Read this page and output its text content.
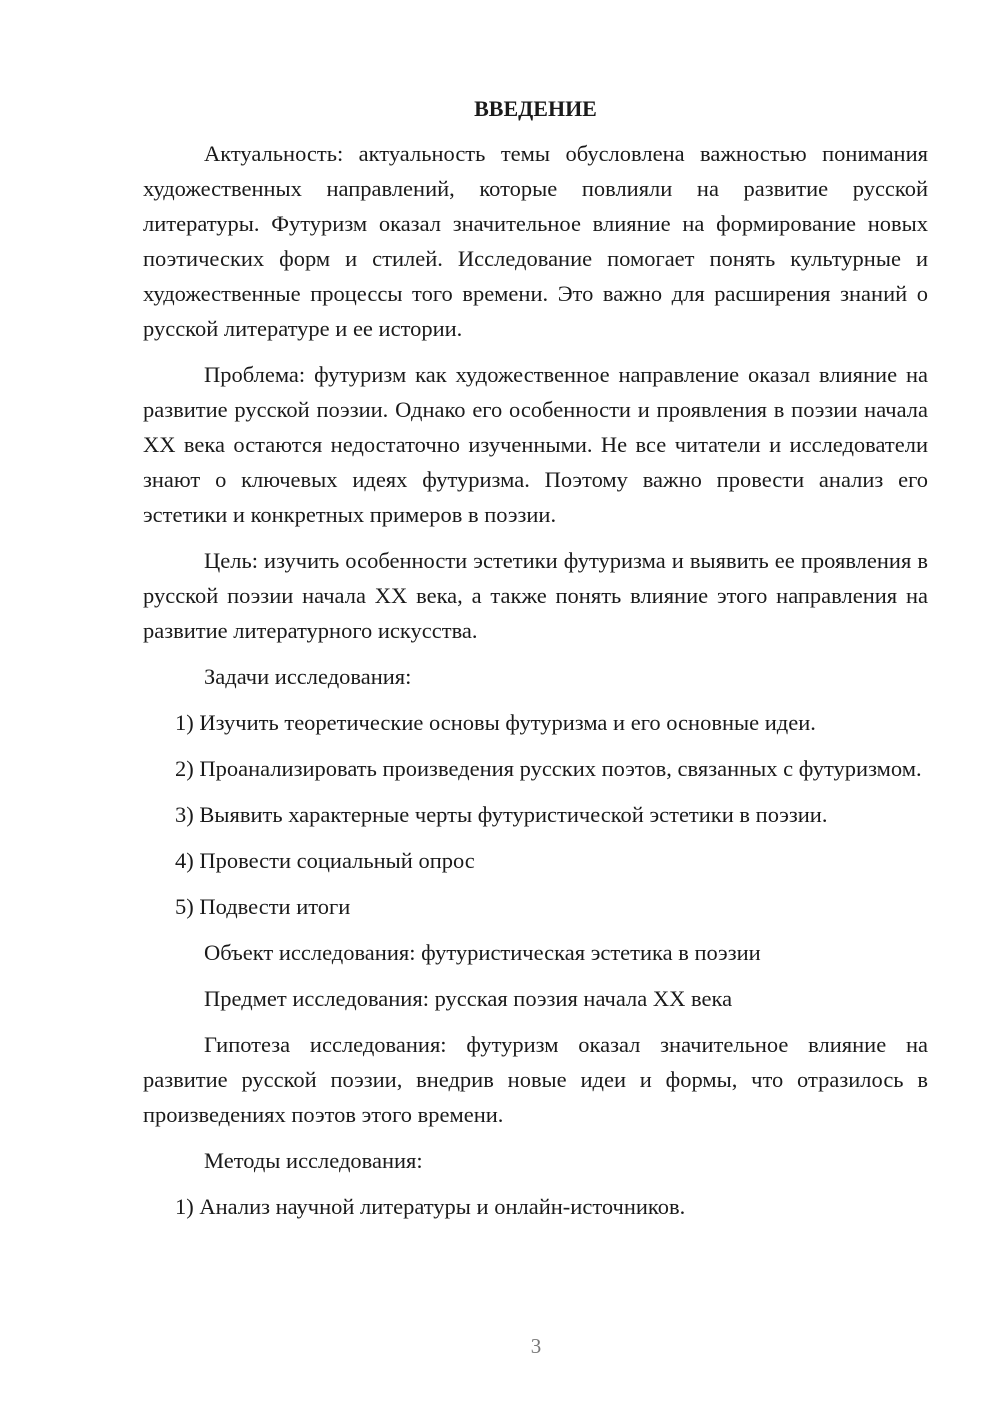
ВВЕДЕНИЕ

Актуальность: актуальность темы обусловлена важностью понимания художественных направлений, которые повлияли на развитие русской литературы. Футуризм оказал значительное влияние на формирование новых поэтических форм и стилей. Исследование помогает понять культурные и художественные процессы того времени. Это важно для расширения знаний о русской литературе и ее истории.

Проблема: футуризм как художественное направление оказал влияние на развитие русской поэзии. Однако его особенности и проявления в поэзии начала XX века остаются недостаточно изученными. Не все читатели и исследователи знают о ключевых идеях футуризма. Поэтому важно провести анализ его эстетики и конкретных примеров в поэзии.

Цель: изучить особенности эстетики футуризма и выявить ее проявления в русской поэзии начала XX века, а также понять влияние этого направления на развитие литературного искусства.

Задачи исследования:

1) Изучить теоретические основы футуризма и его основные идеи.

2) Проанализировать произведения русских поэтов, связанных с футуризмом.

3) Выявить характерные черты футуристической эстетики в поэзии.

4) Провести социальный опрос

5) Подвести итоги

Объект исследования: футуристическая эстетика в поэзии

Предмет исследования: русская поэзия начала XX века

Гипотеза исследования: футуризм оказал значительное влияние на развитие русской поэзии, внедрив новые идеи и формы, что отразилось в произведениях поэтов этого времени.

Методы исследования:

1) Анализ научной литературы и онлайн-источников.

3
